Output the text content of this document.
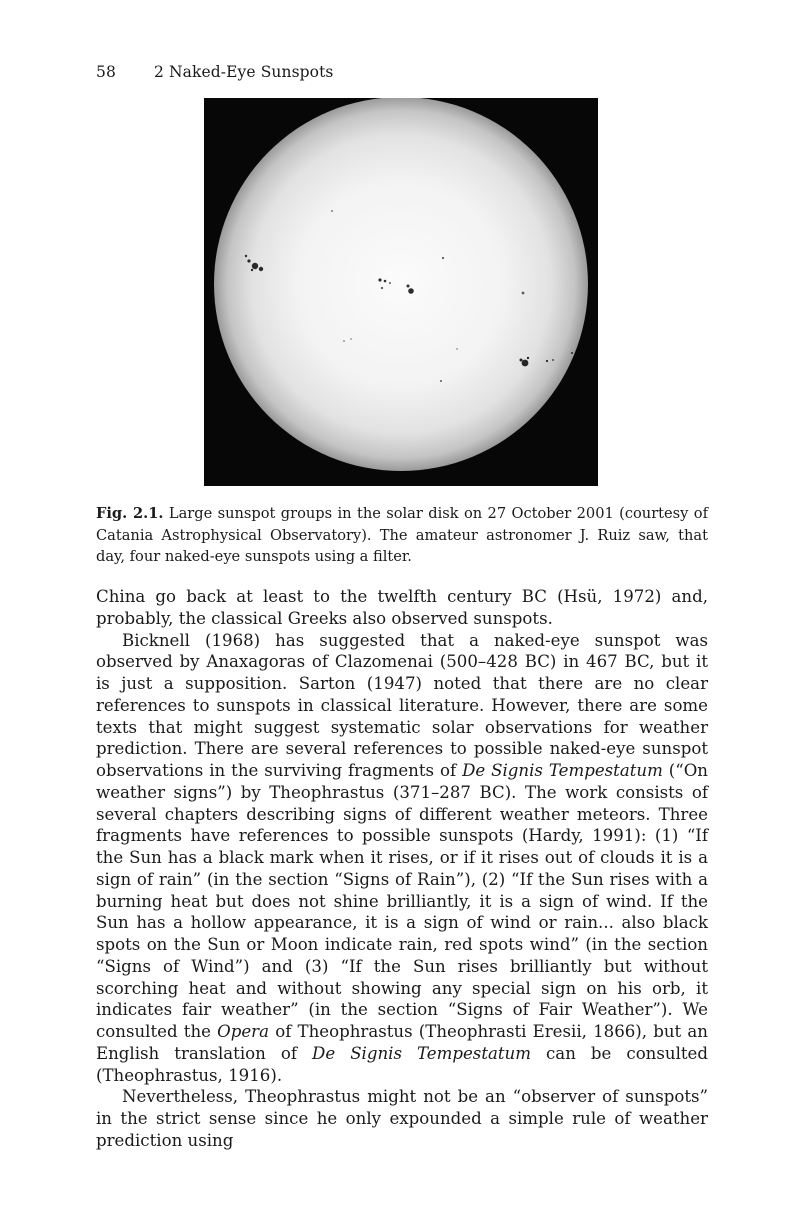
58 2 Naked-Eye Sunspots
Fig. 2.1. Large sunspot groups in the solar disk on 27 October 2001 (courtesy of Catania Astrophysical Observatory). The amateur astronomer J. Ruiz saw, that day, four naked-eye sunspots using a filter.

China go back at least to the twelfth century BC (Hsü, 1972) and, probably, the classical Greeks also observed sunspots.

Bicknell (1968) has suggested that a naked-eye sunspot was observed by Anaxagoras of Clazomenai (500–428 BC) in 467 BC, but it is just a supposition. Sarton (1947) noted that there are no clear references to sunspots in classical literature. However, there are some texts that might suggest systematic solar observations for weather prediction. There are several references to possible naked-eye sunspot observations in the surviving fragments of De Signis Tempestatum (“On weather signs”) by Theophrastus (371–287 BC). The work consists of several chapters describing signs of different weather meteors. Three fragments have references to possible sunspots (Hardy, 1991): (1) “If the Sun has a black mark when it rises, or if it rises out of clouds it is a sign of rain” (in the section “Signs of Rain”), (2) “If the Sun rises with a burning heat but does not shine brilliantly, it is a sign of wind. If the Sun has a hollow appearance, it is a sign of wind or rain... also black spots on the Sun or Moon indicate rain, red spots wind” (in the section “Signs of Wind”) and (3) “If the Sun rises brilliantly but without scorching heat and without showing any special sign on his orb, it indicates fair weather” (in the section “Signs of Fair Weather”). We consulted the Opera of Theophrastus (Theophrasti Eresii, 1866), but an English translation of De Signis Tempestatum can be consulted (Theophrastus, 1916).

Nevertheless, Theophrastus might not be an “observer of sunspots” in the strict sense since he only expounded a simple rule of weather prediction using
